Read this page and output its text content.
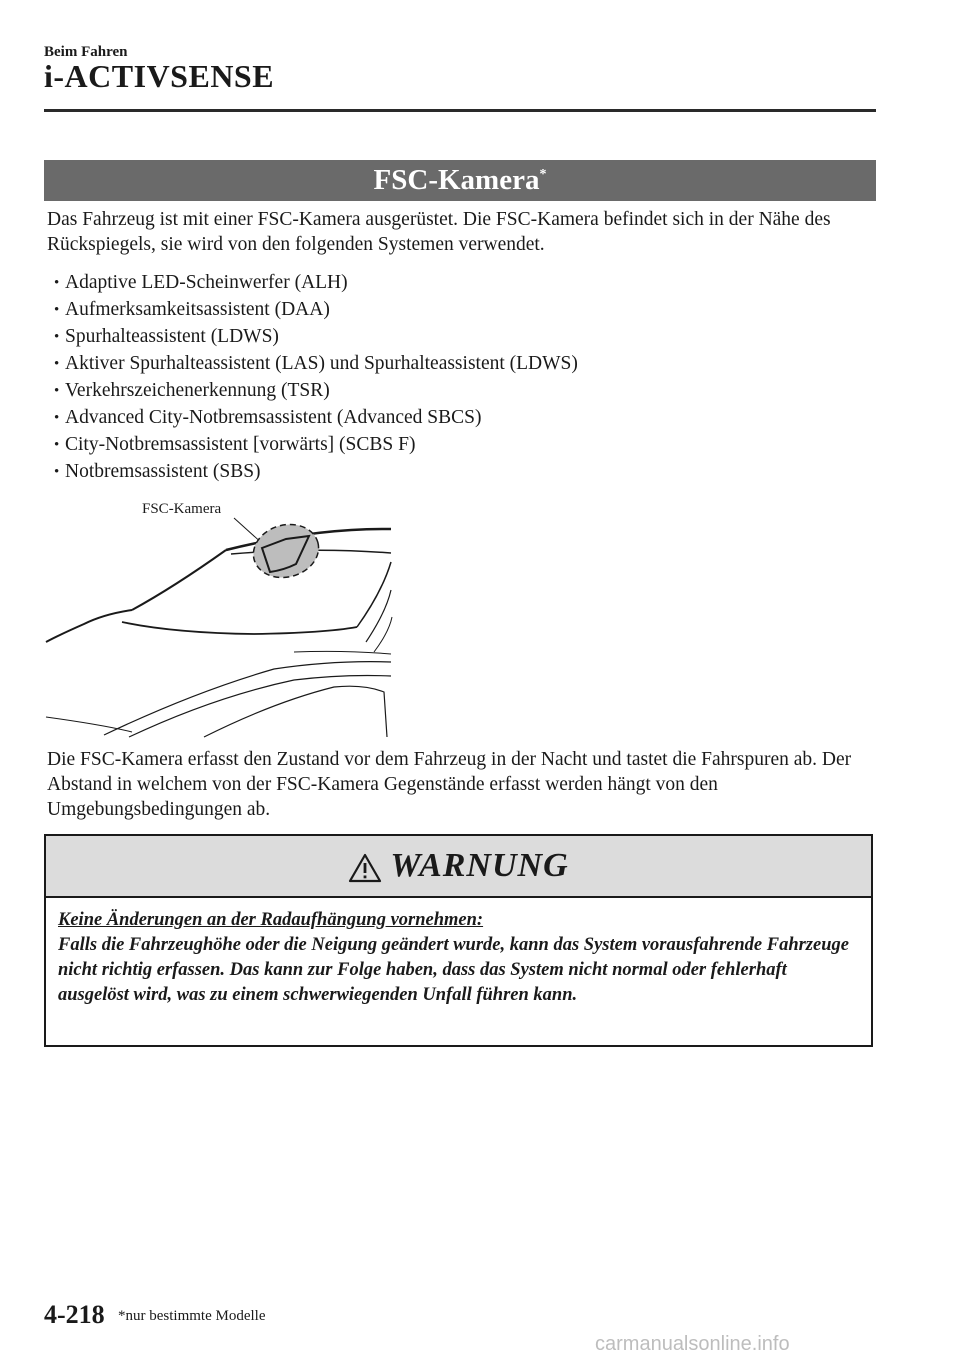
Beim Fahren
i-ACTIVSENSE
FSC-Kamera*
Das Fahrzeug ist mit einer FSC-Kamera ausgerüstet. Die FSC-Kamera befindet sich in der Nähe des Rückspiegels, sie wird von den folgenden Systemen verwendet.
• Adaptive LED-Scheinwerfer (ALH)
• Aufmerksamkeitsassistent (DAA)
• Spurhalteassistent (LDWS)
• Aktiver Spurhalteassistent (LAS) und Spurhalteassistent (LDWS)
• Verkehrszeichenerkennung (TSR)
• Advanced City-Notbremsassistent (Advanced SBCS)
• City-Notbremsassistent [vorwärts] (SCBS F)
• Notbremsassistent (SBS)
FSC-Kamera
Die FSC-Kamera erfasst den Zustand vor dem Fahrzeug in der Nacht und tastet die Fahrspuren ab. Der Abstand in welchem von der FSC-Kamera Gegenstände erfasst werden hängt von den Umgebungsbedingungen ab.
WARNUNG
Keine Änderungen an der Radaufhängung vornehmen:
Falls die Fahrzeughöhe oder die Neigung geändert wurde, kann das System vorausfahrende Fahrzeuge nicht richtig erfassen. Das kann zur Folge haben, dass das System nicht normal oder fehlerhaft ausgelöst wird, was zu einem schwerwiegenden Unfall führen kann.
4-218 *nur bestimmte Modelle
carmanualsonline.info
